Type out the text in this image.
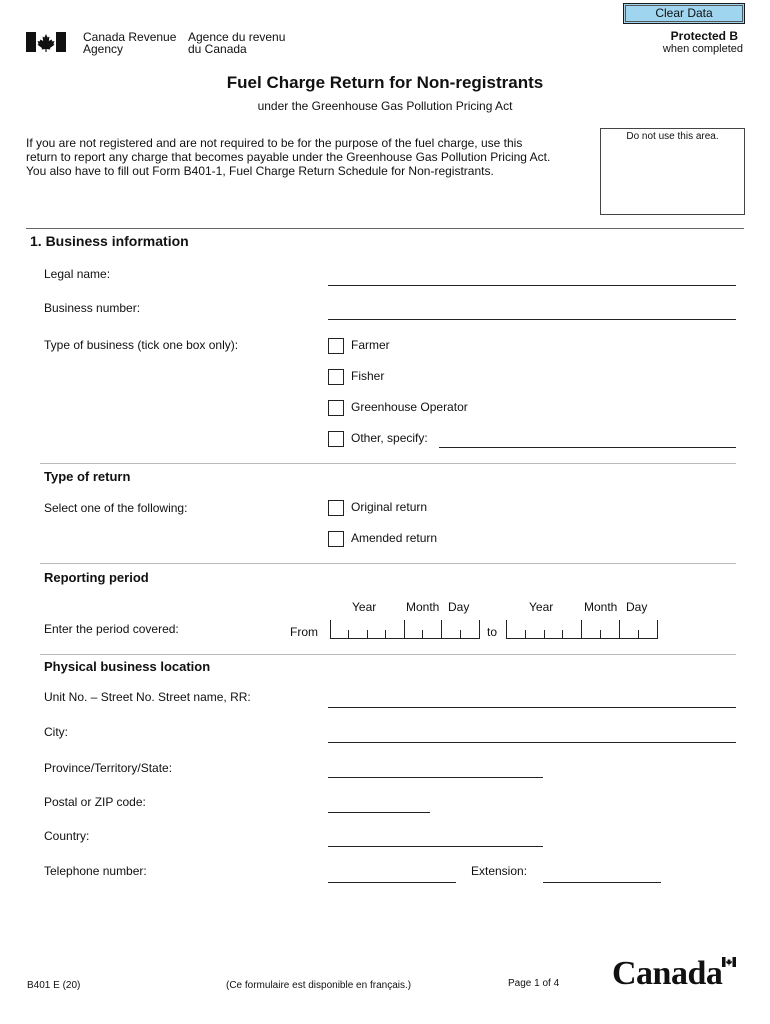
Clear Data
Canada Revenue
Agency
Agence du revenu
du Canada
Protected B
when completed
Fuel Charge Return for Non-registrants
under the Greenhouse Gas Pollution Pricing Act
If you are not registered and are not required to be for the purpose of the fuel charge, use this
return to report any charge that becomes payable under the Greenhouse Gas Pollution Pricing Act.
You also have to fill out Form B401-1, Fuel Charge Return Schedule for Non-registrants.
Do not use this area.
1. Business information
Legal name:
Business number:
Type of business (tick one box only):	Farmer
Fisher
Greenhouse Operator
Other, specify:
Type of return
Select one of the following:	Original return
Amended return
Reporting period
Year Month Day	Year	Month Day
Enter the period covered:	From	to
Physical business location
Unit No. – Street No. Street name, RR:
City:
Province/Territory/State:
Postal or ZIP code:
Country:
Telephone number:	Extension:
B401 E (20)	(Ce formulaire est disponible en français.)	Page 1 of 4 Canada
